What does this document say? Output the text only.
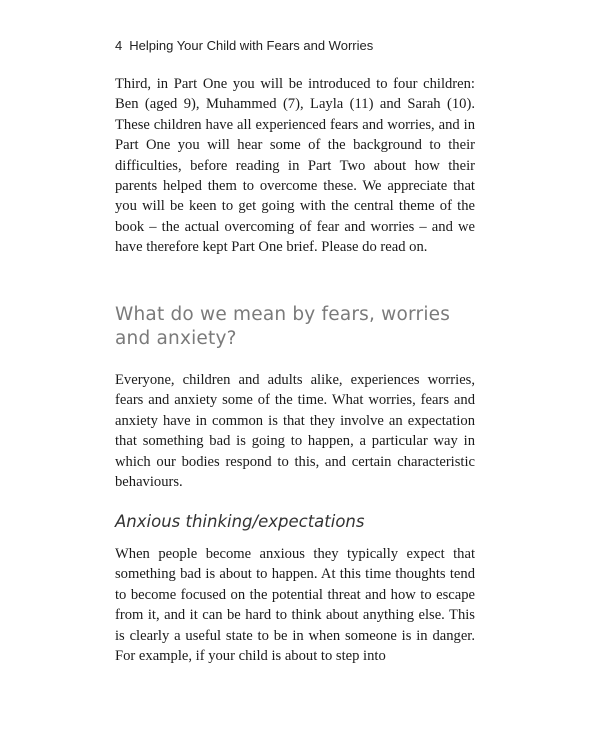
4 Helping Your Child with Fears and Worries

Third, in Part One you will be introduced to four children: Ben (aged 9), Muhammed (7), Layla (11) and Sarah (10). These children have all experienced fears and worries, and in Part One you will hear some of the background to their difficulties, before reading in Part Two about how their parents helped them to overcome these. We appreciate that you will be keen to get going with the central theme of the book – the actual overcoming of fear and worries – and we have therefore kept Part One brief. Please do read on.

What do we mean by fears, worries and anxiety?

Everyone, children and adults alike, experiences worries, fears and anxiety some of the time. What worries, fears and anxiety have in common is that they involve an expectation that something bad is going to happen, a particular way in which our bodies respond to this, and certain characteristic behaviours.

Anxious thinking/expectations

When people become anxious they typically expect that something bad is about to happen. At this time thoughts tend to become focused on the potential threat and how to escape from it, and it can be hard to think about anything else. This is clearly a useful state to be in when someone is in danger. For example, if your child is about to step into
